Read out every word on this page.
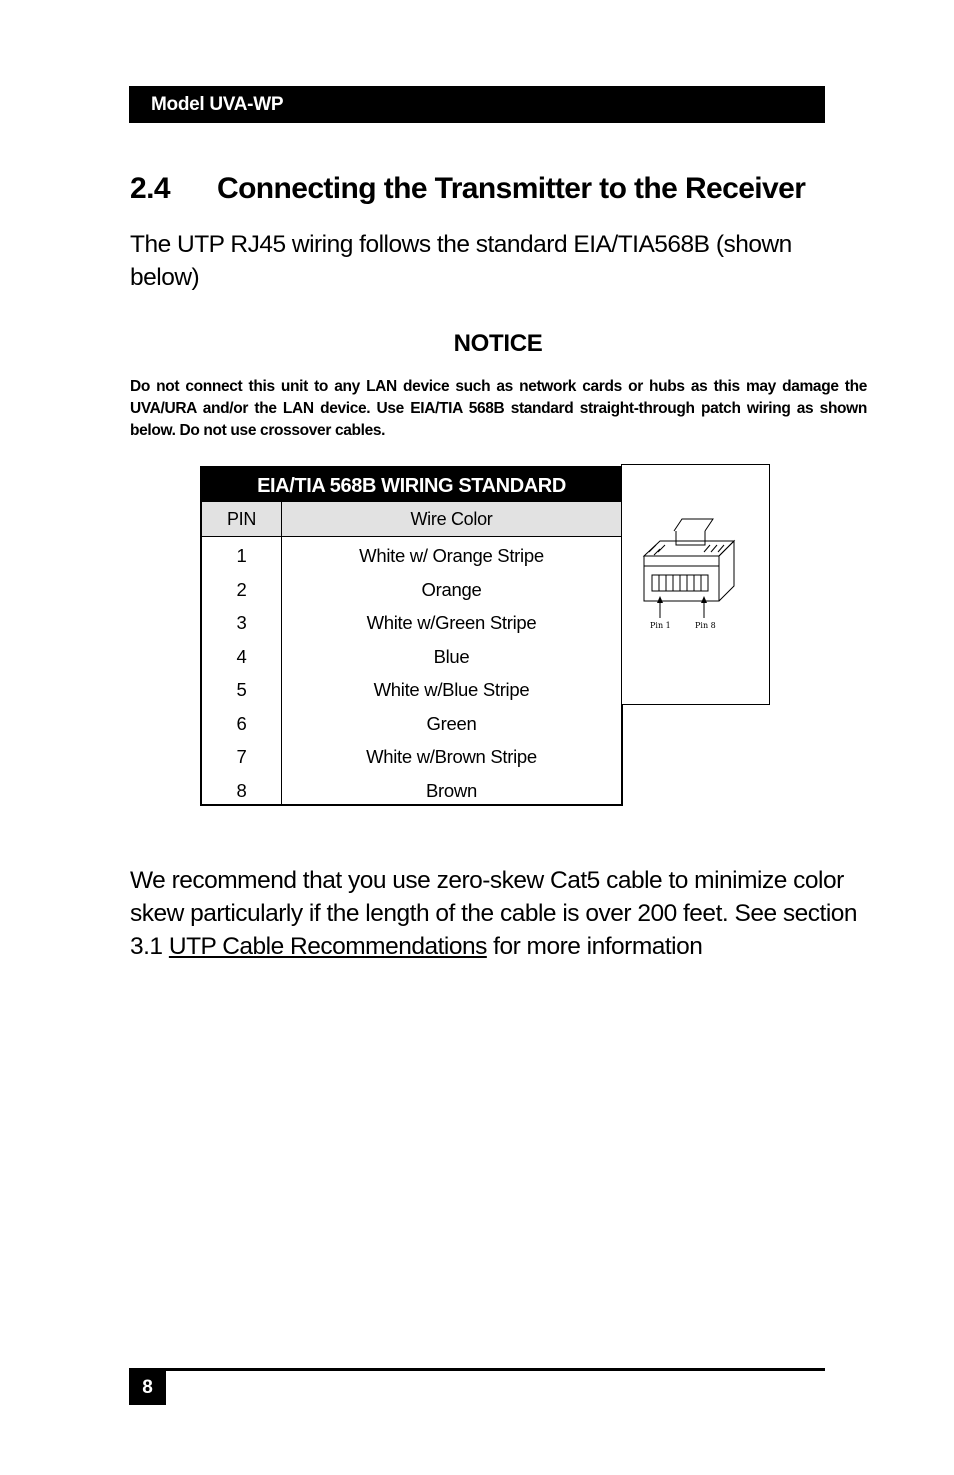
Model UVA-WP
2.4 Connecting the Transmitter to the Receiver
The UTP RJ45 wiring follows the standard EIA/TIA568B (shown below)
NOTICE
Do not connect this unit to any LAN device such as network cards or hubs as this may damage the UVA/URA and/or the LAN device. Use EIA/TIA 568B standard straight-through patch wiring as shown below. Do not use crossover cables.
EIA/TIA 568B WIRING STANDARD
PIN	Wire Color
1
2
3
4
5
6
7
8
White w/ Orange Stripe
Orange
White w/Green Stripe
Blue
White w/Blue Stripe
Green
White w/Brown Stripe
Brown
Pin 1	Pin 8
We recommend that you use zero-skew Cat5 cable to minimize color skew particularly if the length of the cable is over 200 feet. See section 3.1 UTP Cable Recommendations for more information
8
